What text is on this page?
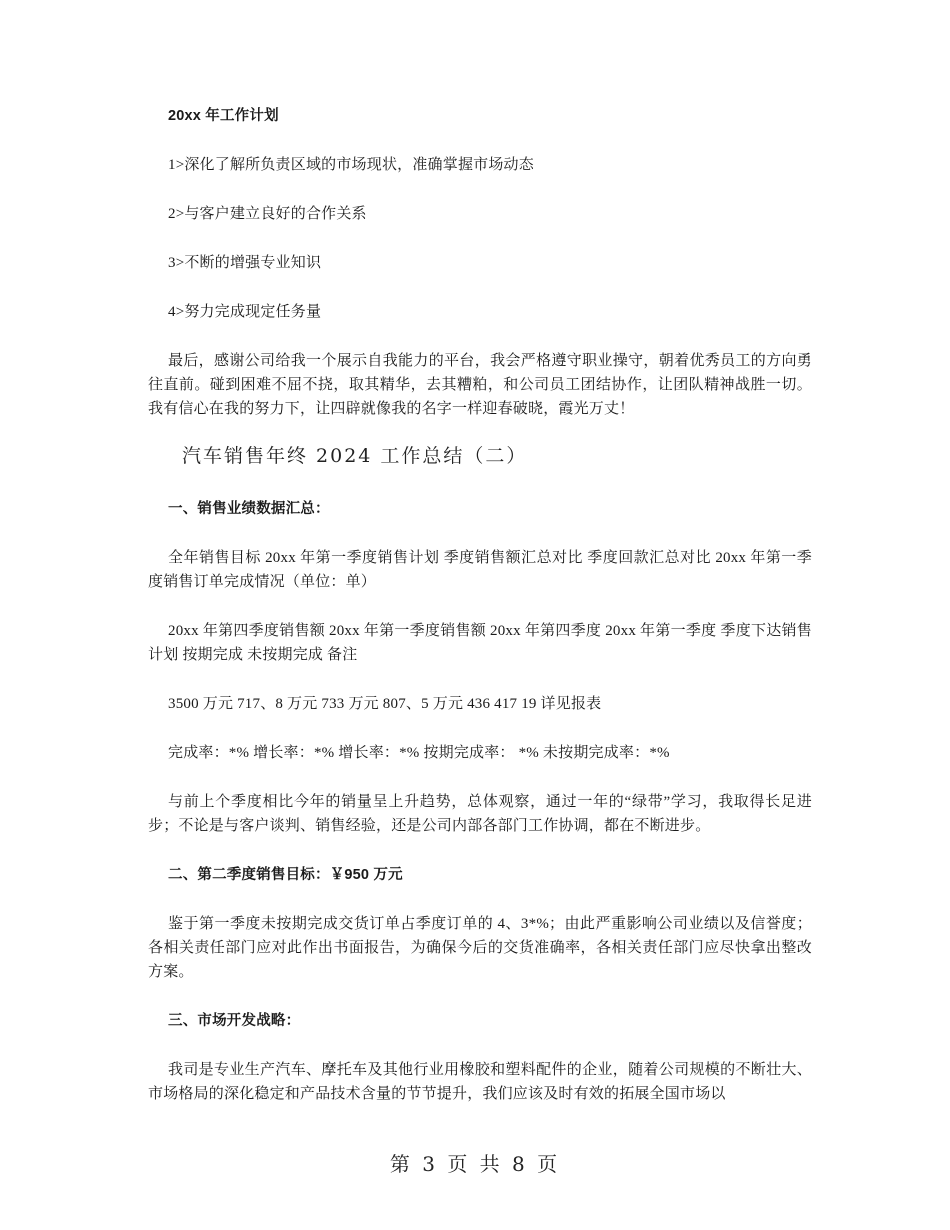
20xx 年工作计划

1>深化了解所负责区域的市场现状，准确掌握市场动态

2>与客户建立良好的合作关系

3>不断的增强专业知识

4>努力完成现定任务量

最后，感谢公司给我一个展示自我能力的平台，我会严格遵守职业操守，朝着优秀员工的方向勇往直前。碰到困难不屈不挠，取其精华，去其糟粕，和公司员工团结协作，让团队精神战胜一切。我有信心在我的努力下，让四辟就像我的名字一样迎春破晓，霞光万丈！

汽车销售年终 2024 工作总结（二）

一、销售业绩数据汇总：

全年销售目标 20xx 年第一季度销售计划 季度销售额汇总对比 季度回款汇总对比 20xx 年第一季度销售订单完成情况（单位：单）

20xx 年第四季度销售额 20xx 年第一季度销售额 20xx 年第四季度 20xx 年第一季度 季度下达销售计划 按期完成 未按期完成 备注

3500 万元 717、8 万元 733 万元 807、5 万元 436 417 19 详见报表

完成率：*% 增长率：*% 增长率：*% 按期完成率： *% 未按期完成率：*%

与前上个季度相比今年的销量呈上升趋势，总体观察，通过一年的“绿带”学习，我取得长足进步；不论是与客户谈判、销售经验，还是公司内部各部门工作协调，都在不断进步。

二、第二季度销售目标：￥950 万元

鉴于第一季度未按期完成交货订单占季度订单的 4、3*%；由此严重影响公司业绩以及信誉度；各相关责任部门应对此作出书面报告，为确保今后的交货准确率，各相关责任部门应尽快拿出整改方案。

三、市场开发战略：

我司是专业生产汽车、摩托车及其他行业用橡胶和塑料配件的企业，随着公司规模的不断壮大、市场格局的深化稳定和产品技术含量的节节提升，我们应该及时有效的拓展全国市场以

第 3 页 共 8 页
